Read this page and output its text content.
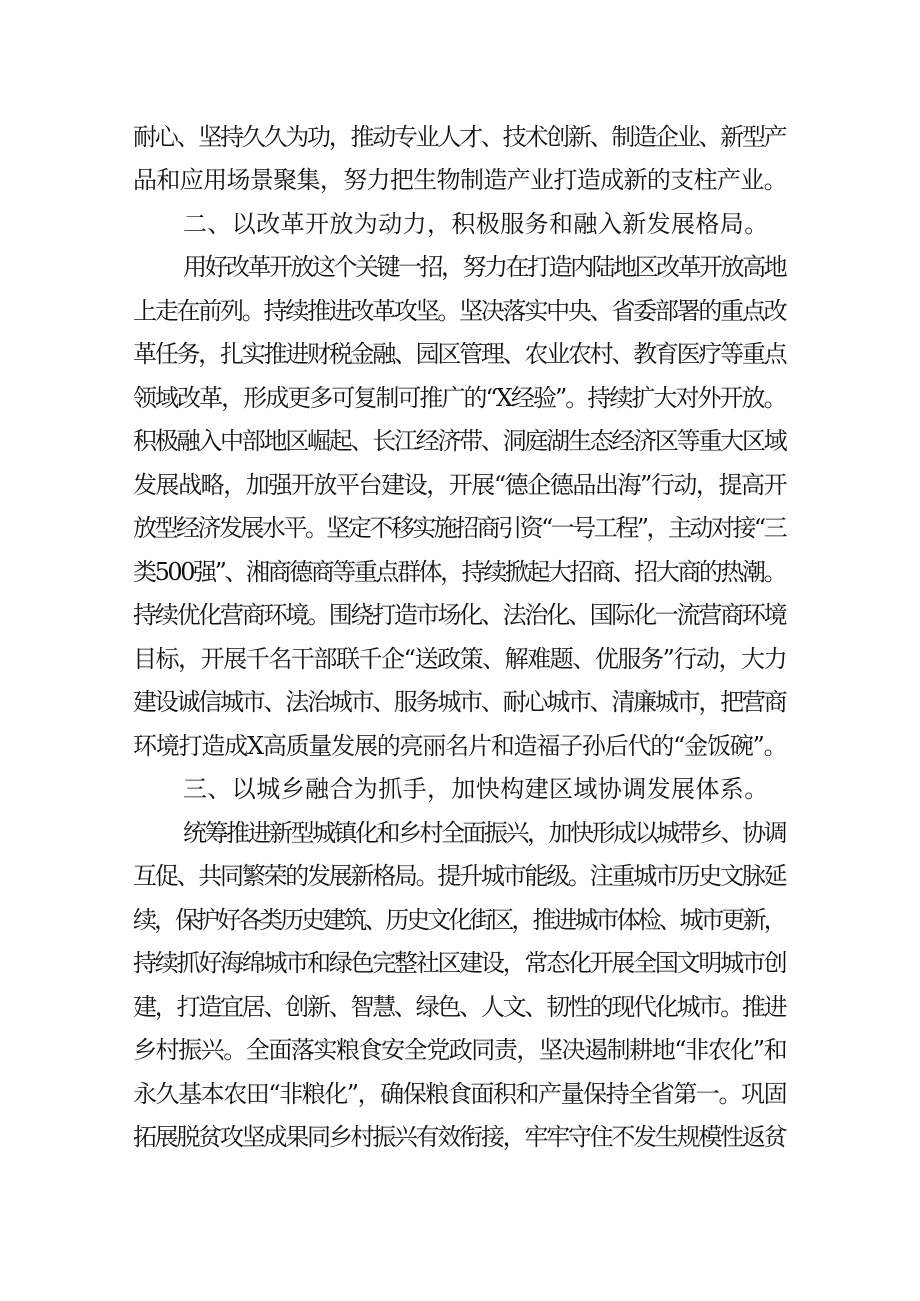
耐心、坚持久久为功，推动专业人才、技术创新、制造企业、新型产
品和应用场景聚集，努力把生物制造产业打造成新的支柱产业。
二、以改革开放为动力，积极服务和融入新发展格局。
用好改革开放这个关键一招，努力在打造内陆地区改革开放高地
上走在前列。持续推进改革攻坚。坚决落实中央、省委部署的重点改
革任务，扎实推进财税金融、园区管理、农业农村、教育医疗等重点
领域改革，形成更多可复制可推广的“X经验”。持续扩大对外开放。
积极融入中部地区崛起、长江经济带、洞庭湖生态经济区等重大区域
发展战略，加强开放平台建设，开展“德企德品出海”行动，提高开
放型经济发展水平。坚定不移实施招商引资“一号工程”，主动对接“三
类500强”、湘商德商等重点群体，持续掀起大招商、招大商的热潮。
持续优化营商环境。围绕打造市场化、法治化、国际化一流营商环境
目标，开展千名干部联千企“送政策、解难题、优服务”行动，大力
建设诚信城市、法治城市、服务城市、耐心城市、清廉城市，把营商
环境打造成X高质量发展的亮丽名片和造福子孙后代的“金饭碗”。
三、以城乡融合为抓手，加快构建区域协调发展体系。
统筹推进新型城镇化和乡村全面振兴，加快形成以城带乡、协调
互促、共同繁荣的发展新格局。提升城市能级。注重城市历史文脉延
续，保护好各类历史建筑、历史文化街区，推进城市体检、城市更新，
持续抓好海绵城市和绿色完整社区建设，常态化开展全国文明城市创
建，打造宜居、创新、智慧、绿色、人文、韧性的现代化城市。推进
乡村振兴。全面落实粮食安全党政同责，坚决遏制耕地“非农化”和
永久基本农田“非粮化”，确保粮食面积和产量保持全省第一。巩固
拓展脱贫攻坚成果同乡村振兴有效衔接，牢牢守住不发生规模性返贫
